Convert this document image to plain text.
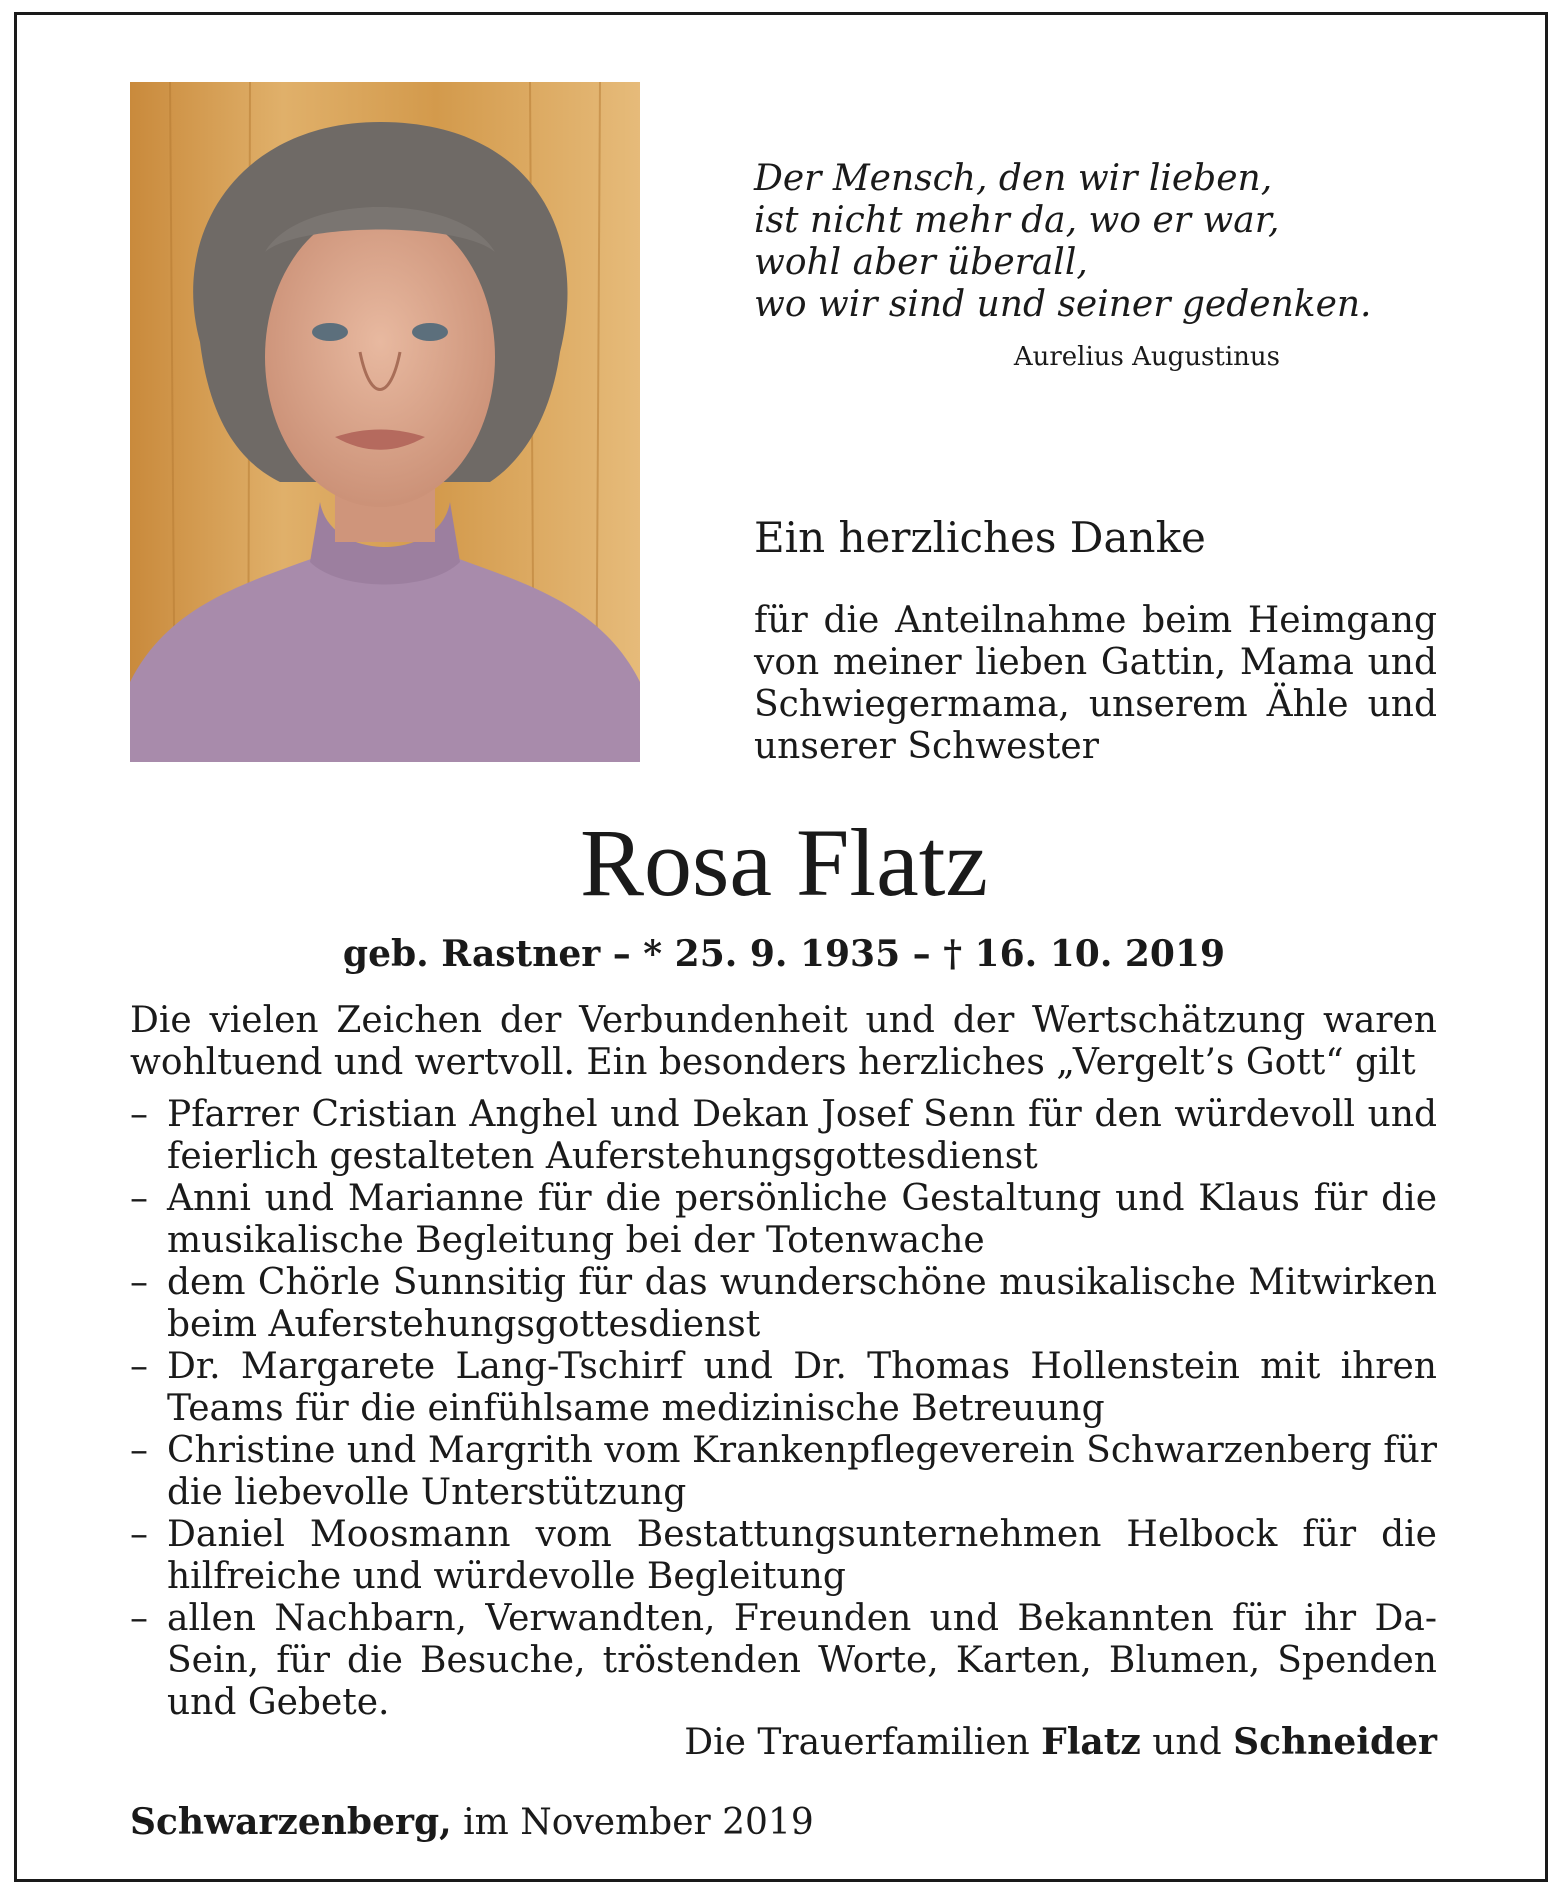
Der Mensch, den wir lieben,
ist nicht mehr da, wo er war,
wohl aber überall,
wo wir sind und seiner gedenken.
Aurelius Augustinus
Ein herzliches Danke
für die Anteilnahme beim Heimgang von meiner lieben Gattin, Mama und Schwiegermama, unserem Ähle und unserer Schwester
Rosa Flatz
geb. Rastner – * 25. 9. 1935 – † 16. 10. 2019
Die vielen Zeichen der Verbundenheit und der Wertschätzung waren wohltuend und wertvoll. Ein besonders herzliches „Vergelt’s Gott“ gilt
– Pfarrer Cristian Anghel und Dekan Josef Senn für den würdevoll und feierlich gestalteten Auferstehungsgottesdienst
– Anni und Marianne für die persönliche Gestaltung und Klaus für die musikalische Begleitung bei der Totenwache
– dem Chörle Sunnsitig für das wunderschöne musikalische Mitwirken beim Auferstehungsgottesdienst
– Dr. Margarete Lang-Tschirf und Dr. Thomas Hollenstein mit ihren Teams für die einfühlsame medizinische Betreuung
– Christine und Margrith vom Krankenpflegeverein Schwarzenberg für die liebevolle Unterstützung
– Daniel Moosmann vom Bestattungsunternehmen Helbock für die hilfreiche und würdevolle Begleitung
– allen Nachbarn, Verwandten, Freunden und Bekannten für ihr Da-Sein, für die Besuche, tröstenden Worte, Karten, Blumen, Spenden und Gebete.
Die Trauerfamilien Flatz und Schneider
Schwarzenberg, im November 2019
